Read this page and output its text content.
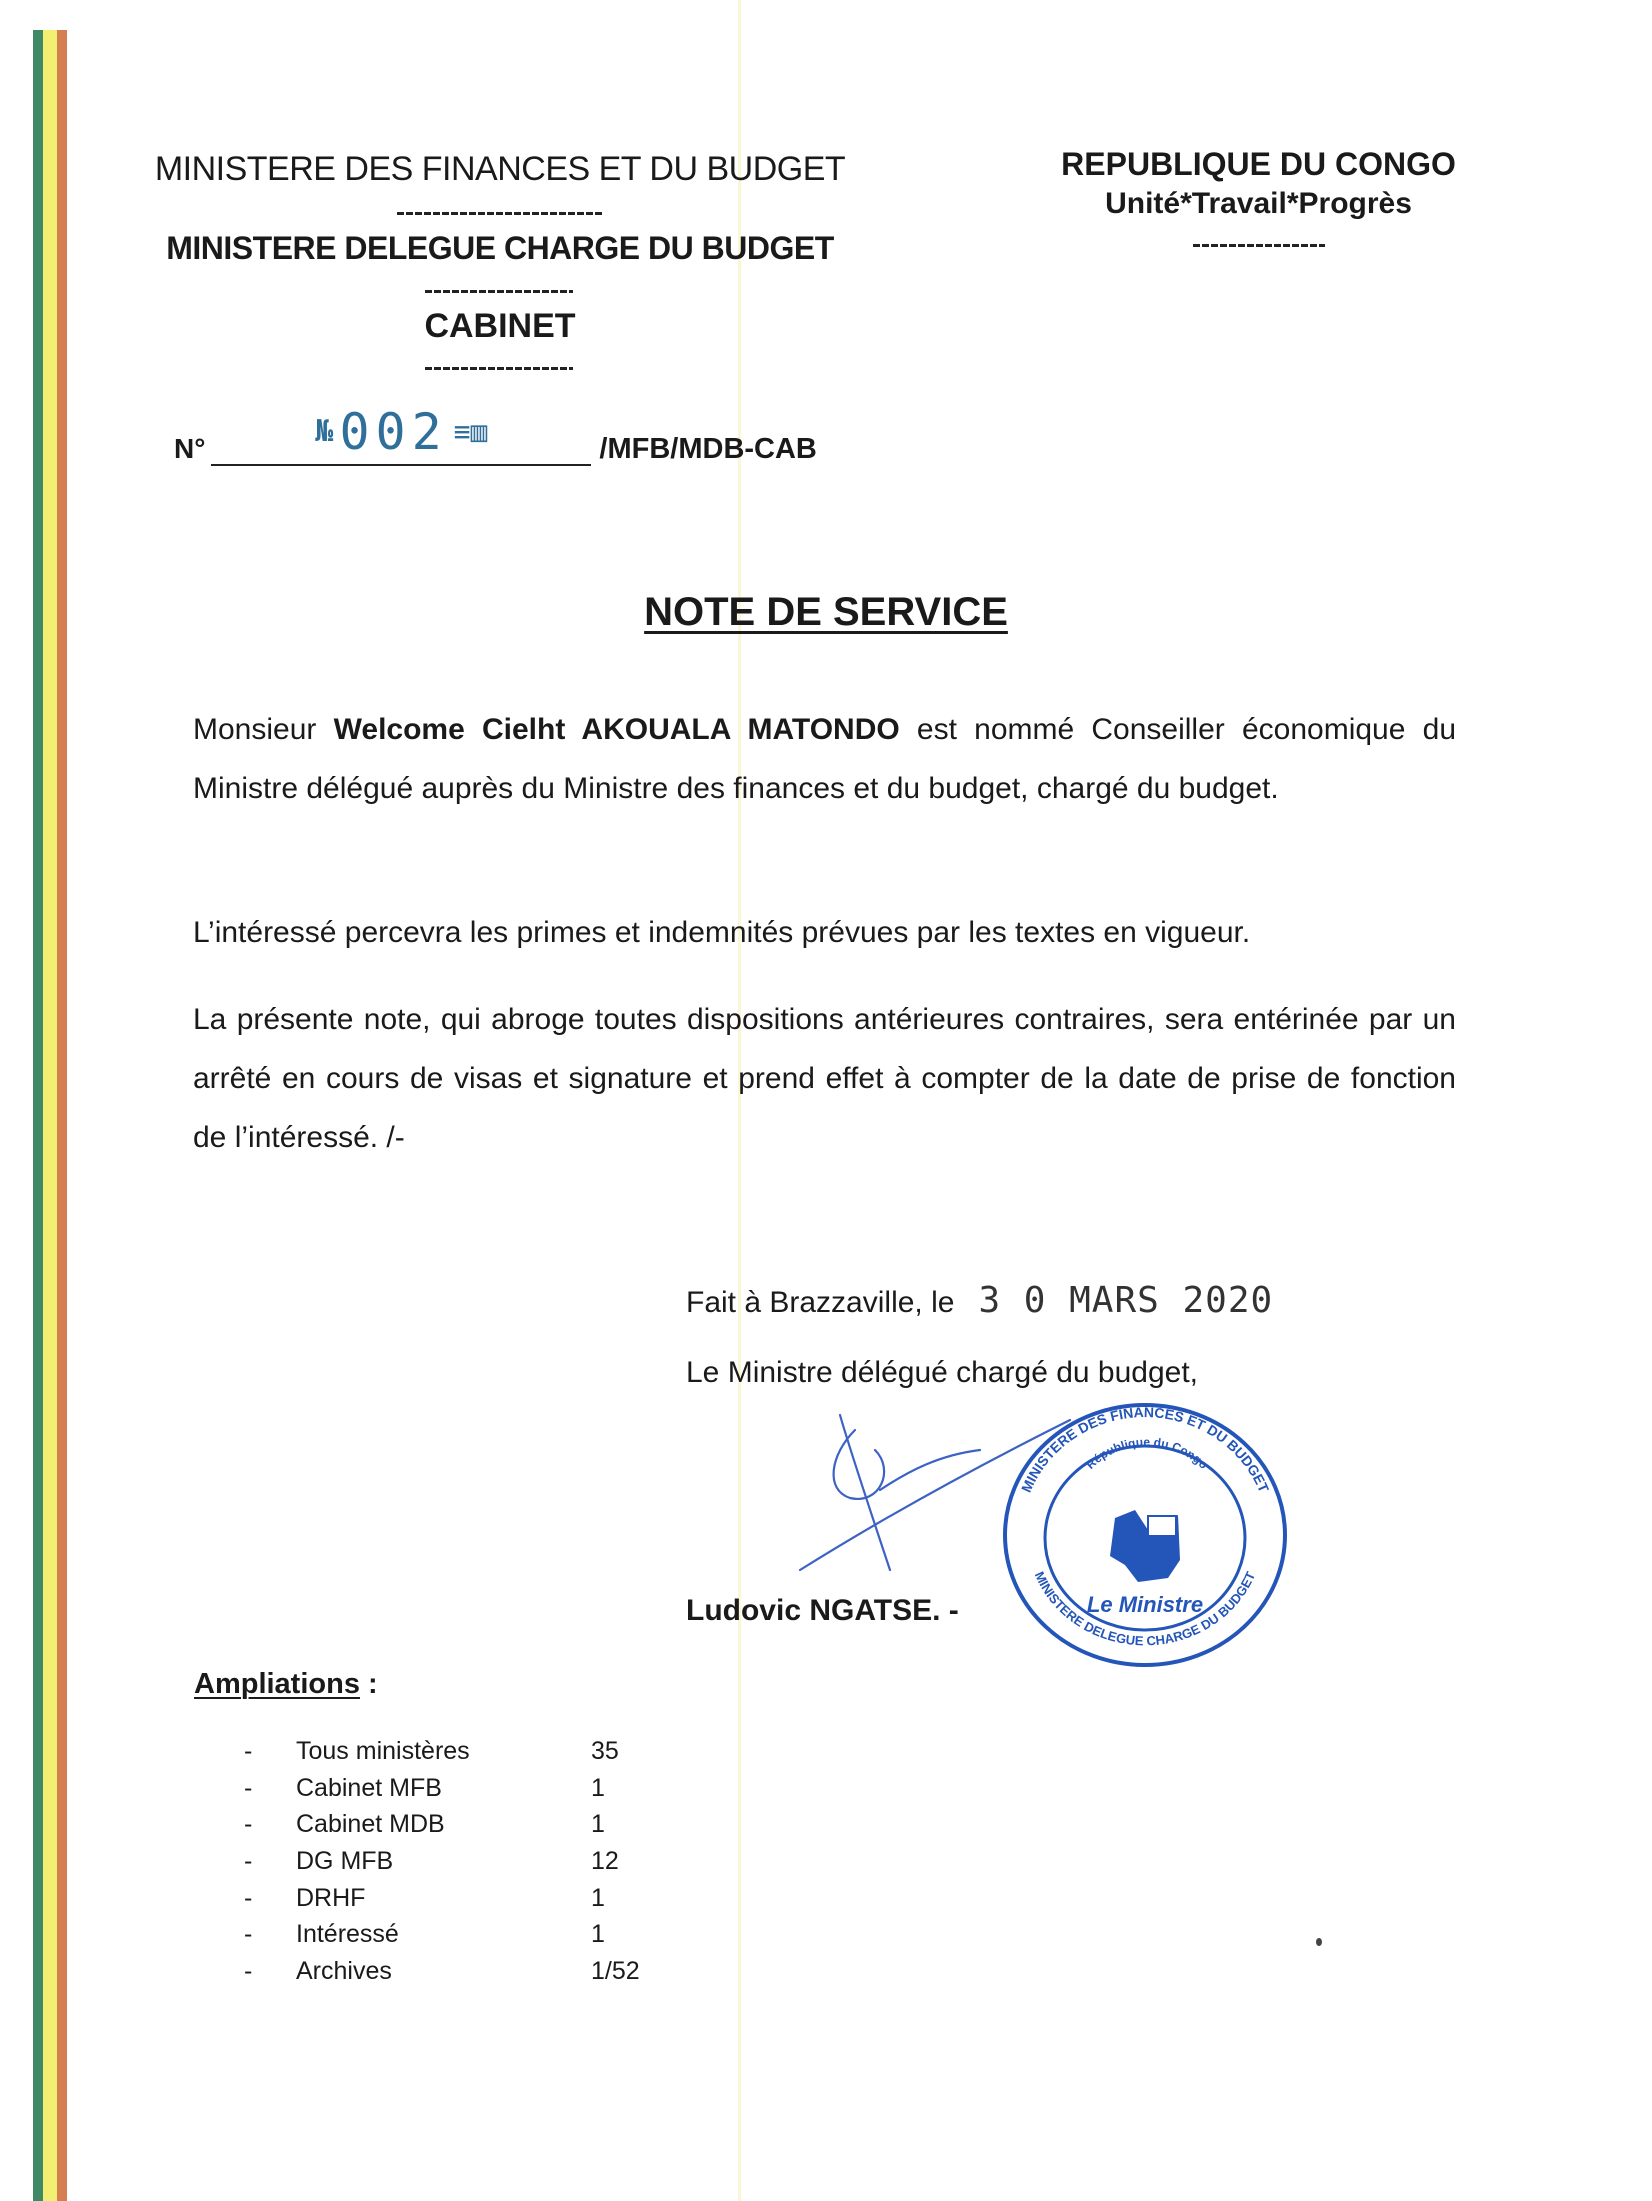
MINISTERE DES FINANCES ET DU BUDGET
MINISTERE DELEGUE CHARGE DU BUDGET
CABINET
N°	№ 002 ≡▥
/MFB/MDB-CAB
REPUBLIQUE DU CONGO
Unité*Travail*Progrès
NOTE DE SERVICE
Monsieur Welcome Cielht AKOUALA MATONDO est nommé Conseiller économique du Ministre délégué auprès du Ministre des finances et du budget, chargé du budget.
L’intéressé percevra les primes et indemnités prévues par les textes en vigueur.
La présente note, qui abroge toutes dispositions antérieures contraires, sera entérinée par un arrêté en cours de visas et signature et prend effet à compter de la date de prise de fonction de l’intéressé. /-
Fait à Brazzaville, le 3 0 MARS 2020
Le Ministre délégué chargé du budget,
MINISTERE DES FINANCES ET DU BUDGET
MINISTERE DELEGUE CHARGE DU BUDGET
République du Congo
Le Ministre
Ludovic NGATSE. -
Ampliations :
- Tous ministères	35
- Cabinet MFB	1
- Cabinet MDB	1
- DG MFB	12
- DRHF	1
- Intéressé	1
- Archives	1/52
